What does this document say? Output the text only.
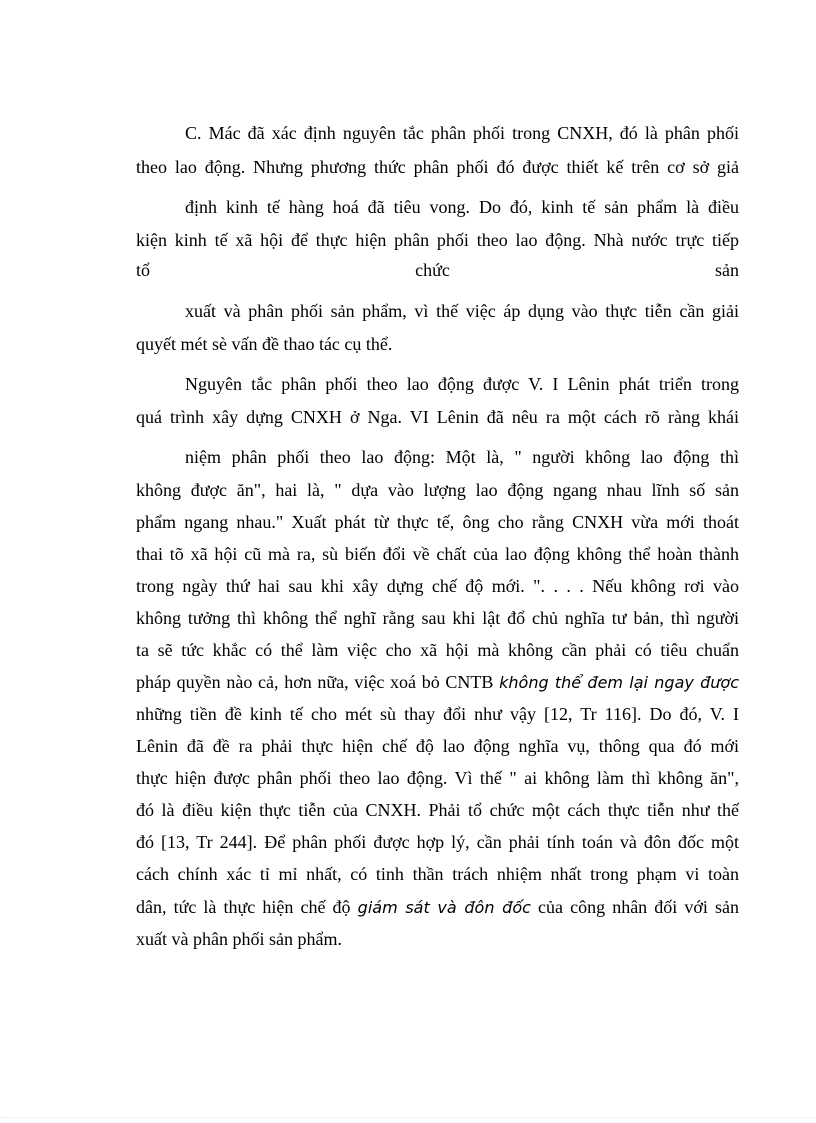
C. Mác đã xác định nguyên tắc phân phối trong CNXH, đó là phân phối
theo lao động. Nhưng phương thức phân phối đó được thiết kế trên cơ sở giả
định kinh tế hàng hoá đã tiêu vong. Do đó, kinh tế sản phẩm là điều
kiện kinh tế xã hội để thực hiện phân phối theo lao động. Nhà nước trực tiếp
tổ chức sản
xuất và phân phối sản phẩm, vì thế việc áp dụng vào thực tiễn cần giải
quyết mét sè vấn đề thao tác cụ thể.
Nguyên tắc phân phối theo lao động được V. I Lênin phát triển trong
quá trình xây dựng CNXH ở Nga. VI Lênin đã nêu ra một cách rõ ràng khái
niệm phân phối theo lao động: Một là, " người không lao động thì
không được ăn", hai là, " dựa vào lượng lao động ngang nhau lĩnh số sản
phẩm ngang nhau." Xuất phát từ thực tế, ông cho rằng CNXH vừa mới thoát
thai tõ xã hội cũ mà ra, sù biến đổi về chất của lao động không thể hoàn thành
trong ngày thứ hai sau khi xây dựng chế độ mới. ". . . . Nếu không rơi vào
không tưởng thì không thể nghĩ rằng sau khi lật đổ chủ nghĩa tư bản, thì người
ta sẽ tức khắc có thể làm việc cho xã hội mà không cần phải có tiêu chuẩn
pháp quyền nào cả, hơn nữa, việc xoá bỏ CNTB không thể đem lại ngay được
những tiền đề kinh tế cho mét sù thay đổi như vậy [12, Tr 116]. Do đó, V. I
Lênin đã đề ra phải thực hiện chế độ lao động nghĩa vụ, thông qua đó mới
thực hiện được phân phối theo lao động. Vì thế " ai không làm thì không ăn",
đó là điều kiện thực tiễn của CNXH. Phải tổ chức một cách thực tiễn như thế
đó [13, Tr 244]. Để phân phối được hợp lý, cần phải tính toán và đôn đốc một
cách chính xác tỉ mỉ nhất, có tinh thần trách nhiệm nhất trong phạm vi toàn
dân, tức là thực hiện chế độ giám sát và đôn đốc của công nhân đối với sản
xuất và phân phối sản phẩm.
